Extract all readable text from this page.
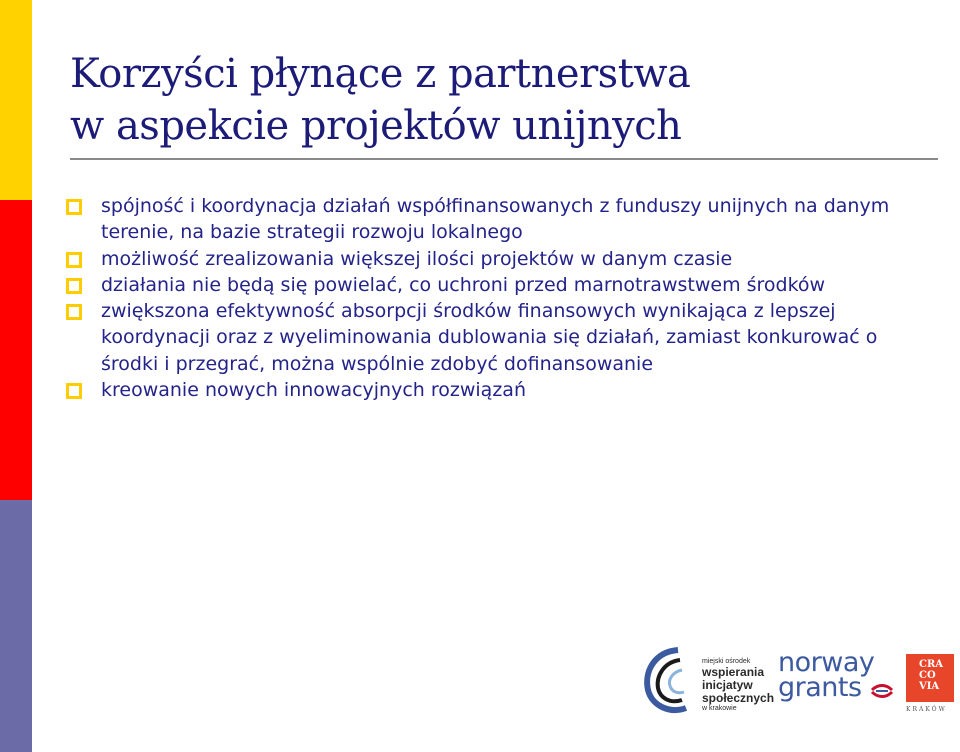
Korzyści płynące z partnerstwa
w aspekcie projektów unijnych
spójność i koordynacja działań współfinansowanych z funduszy unijnych na danym terenie, na bazie strategii rozwoju lokalnego
możliwość zrealizowania większej ilości projektów w danym czasie
działania nie będą się powielać, co uchroni przed marnotrawstwem środków
zwiększona efektywność absorpcji środków finansowych wynikająca z lepszej koordynacji oraz z wyeliminowania dublowania się działań, zamiast konkurować o środki i przegrać, można wspólnie zdobyć dofinansowanie
kreowanie nowych innowacyjnych rozwiązań
miejski ośrodek
wspierania
inicjatyw
społecznych
w krakowie
norway
grants
CRA
CO
VIA
KRAKÓW
